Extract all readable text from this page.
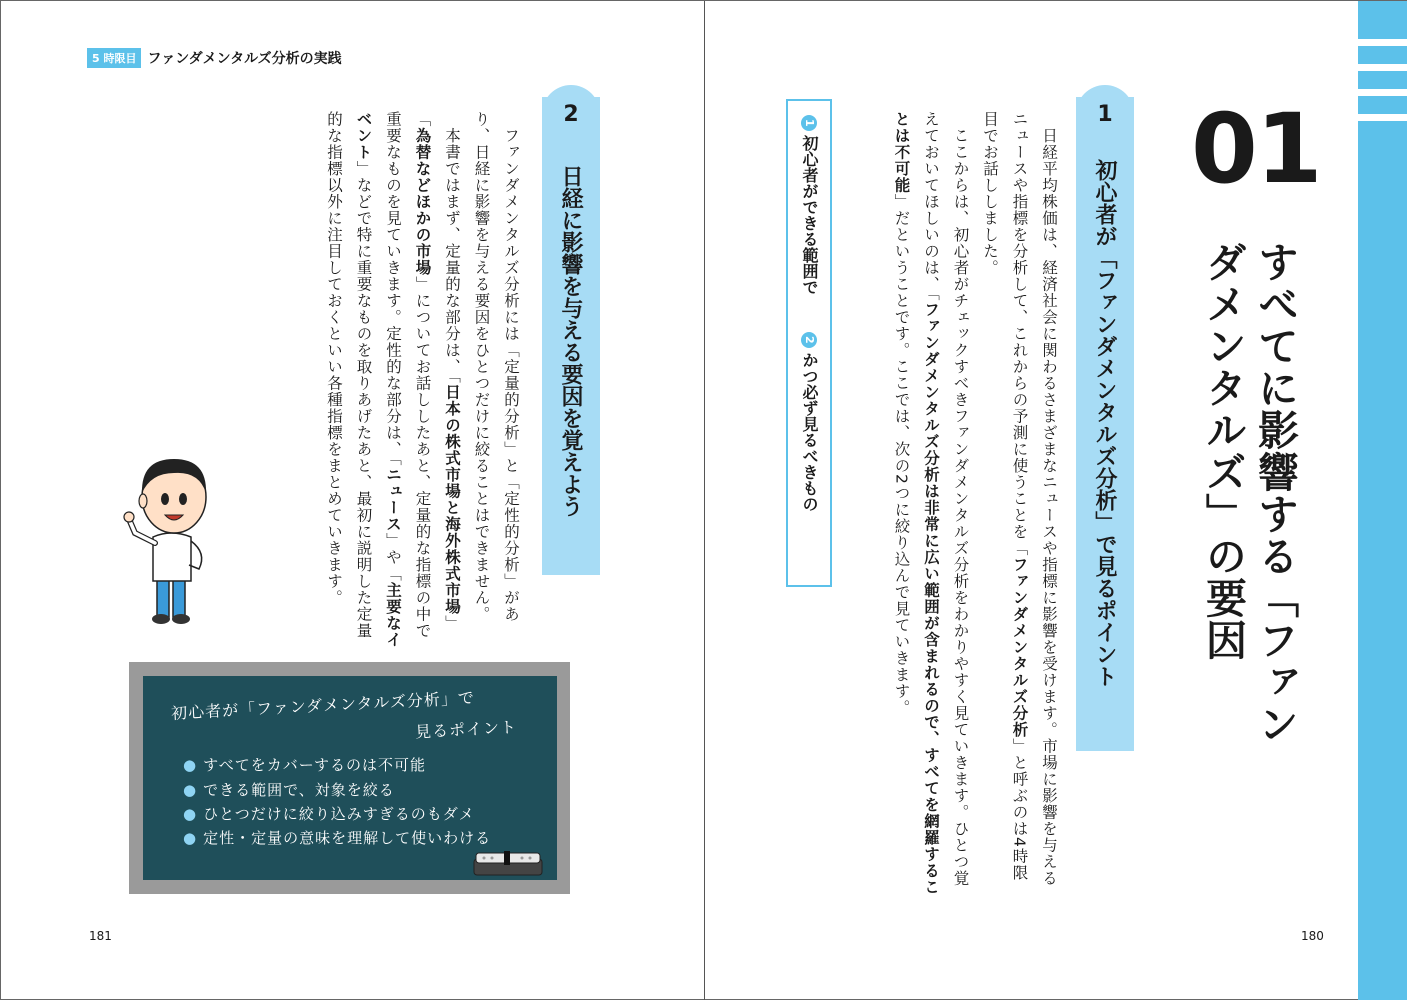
5 時限目 ファンダメンタルズ分析の実践
181	180
01
すべてに影響する「ファンダメンタルズ」の要因
1
初心者が「ファンダメンタルズ分析」で見るポイント

　日経平均株価は、経済社会に関わるさまざまなニュースや指標に影響を受けます。市場に影響を与えるニュースや指標を分析して、これからの予測に使うことを「ファンダメンタルズ分析」と呼ぶのは4時限目でお話ししました。

　ここからは、初心者がチェックすべきファンダメンタルズ分析をわかりやすく見ていきます。ひとつ覚えておいてほしいのは、「ファンダメンタルズ分析は非常に広い範囲が含まれるので、すべてを網羅することは不可能」だということです。ここでは、次の2つに絞り込んで見ていきます。

1初心者ができる範囲で  2かつ必ず見るべきもの
2
日経に影響を与える要因を覚えよう

　ファンダメンタルズ分析には「定量的分析」と「定性的分析」があり、日経に影響を与える要因をひとつだけに絞ることはできません。

　本書ではまず、定量的な部分は、「日本の株式市場と海外株式市場」「為替などほかの市場」についてお話ししたあと、定量的な指標の中で重要なものを見ていきます。定性的な部分は、「ニュース」や「主要なイベント」などで特に重要なものを取りあげたあと、最初に説明した定量的な指標以外に注目しておくといい各種指標をまとめていきます。

初心者が「ファンダメンタルズ分析」で
見るポイント
● すべてをカバーするのは不可能
● できる範囲で、対象を絞る
● ひとつだけに絞り込みすぎるのもダメ
● 定性・定量の意味を理解して使いわける
